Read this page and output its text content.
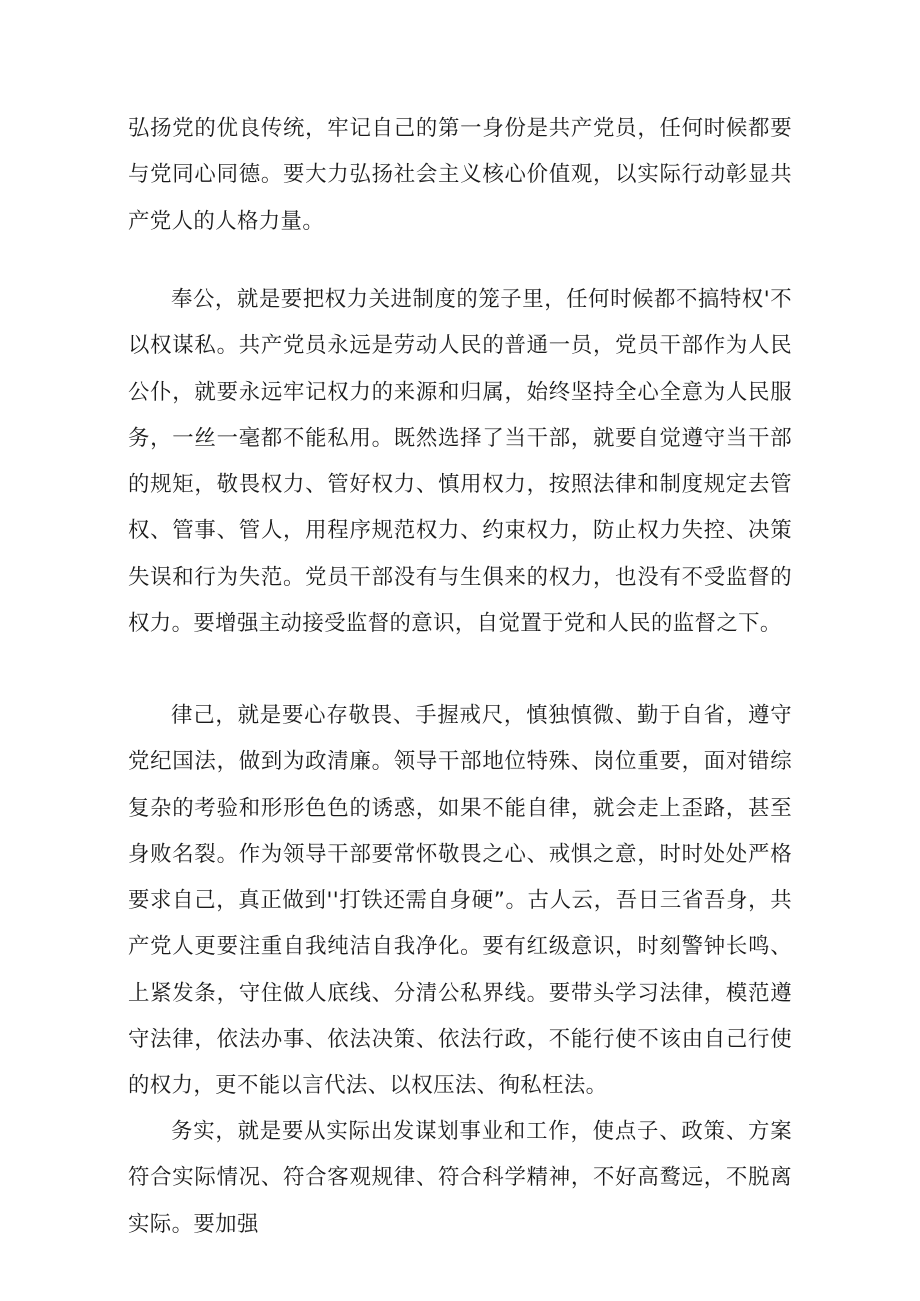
弘扬党的优良传统，牢记自己的第一身份是共产党员，任何时候都要与党同心同德。要大力弘扬社会主义核心价值观，以实际行动彰显共产党人的人格力量。

奉公，就是要把权力关进制度的笼子里，任何时候都不搞特权'不以权谋私。共产党员永远是劳动人民的普通一员，党员干部作为人民公仆，就要永远牢记权力的来源和归属，始终坚持全心全意为人民服务，一丝一毫都不能私用。既然选择了当干部，就要自觉遵守当干部的规矩，敬畏权力、管好权力、慎用权力，按照法律和制度规定去管权、管事、管人，用程序规范权力、约束权力，防止权力失控、决策失误和行为失范。党员干部没有与生俱来的权力，也没有不受监督的权力。要增强主动接受监督的意识，自觉置于党和人民的监督之下。

律己，就是要心存敬畏、手握戒尺，慎独慎微、勤于自省，遵守党纪国法，做到为政清廉。领导干部地位特殊、岗位重要，面对错综复杂的考验和形形色色的诱惑，如果不能自律，就会走上歪路，甚至身败名裂。作为领导干部要常怀敬畏之心、戒惧之意，时时处处严格要求自己，真正做到''打铁还需自身硬”。古人云，吾日三省吾身，共产党人更要注重自我纯洁自我净化。要有红级意识，时刻警钟长鸣、上紧发条，守住做人底线、分清公私界线。要带头学习法律，模范遵守法律，依法办事、依法决策、依法行政，不能行使不该由自己行使的权力，更不能以言代法、以权压法、徇私枉法。

务实，就是要从实际出发谋划事业和工作，使点子、政策、方案符合实际情况、符合客观规律、符合科学精神，不好高鹜远，不脱离实际。要加强
